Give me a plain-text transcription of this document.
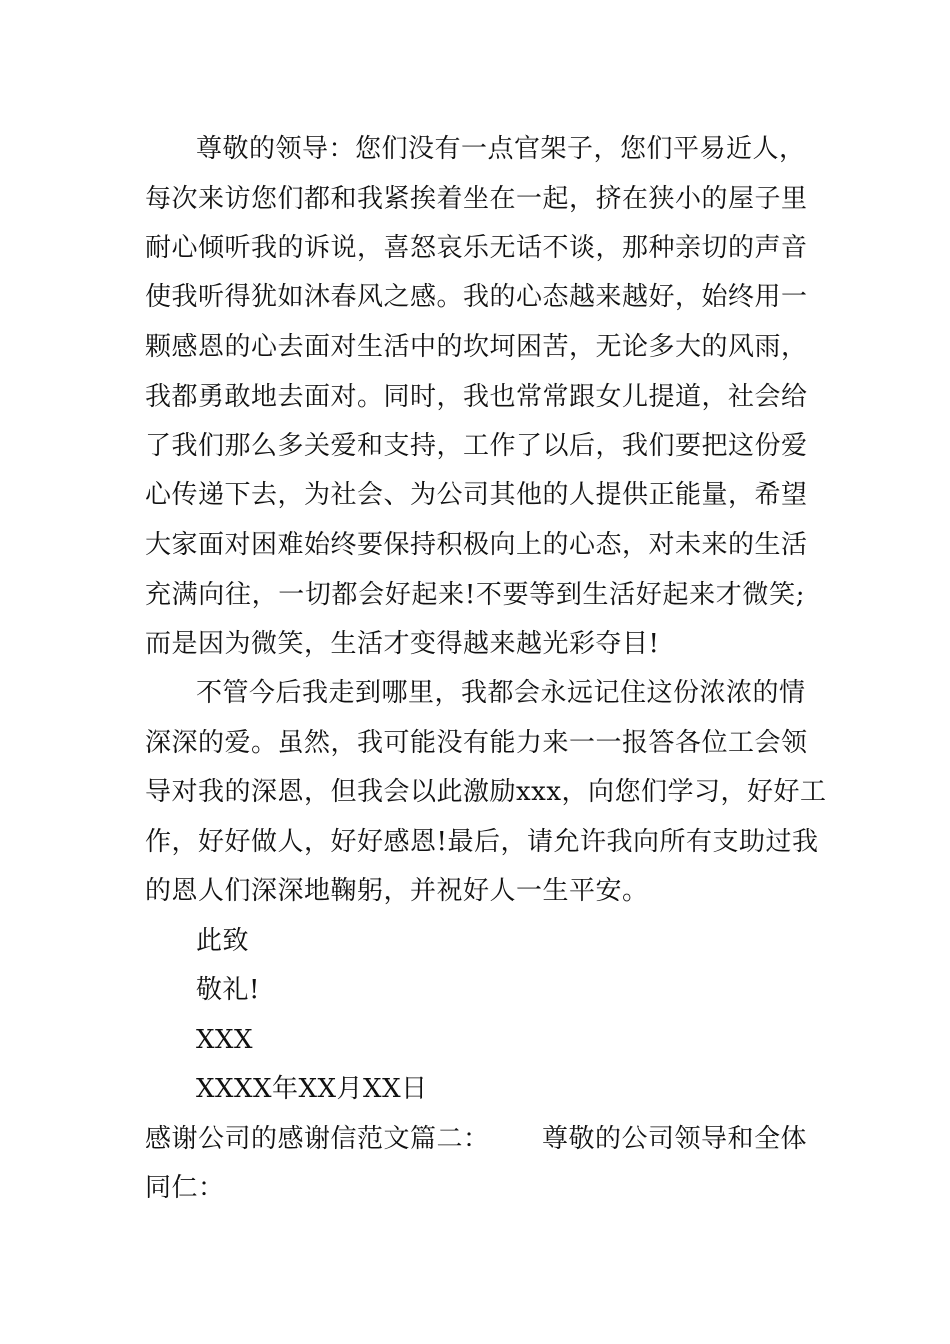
尊敬的领导：您们没有一点官架子，您们平易近人，
每次来访您们都和我紧挨着坐在一起，挤在狭小的屋子里
耐心倾听我的诉说，喜怒哀乐无话不谈，那种亲切的声音
使我听得犹如沐春风之感。我的心态越来越好，始终用一
颗感恩的心去面对生活中的坎坷困苦，无论多大的风雨，
我都勇敢地去面对。同时，我也常常跟女儿提道，社会给
了我们那么多关爱和支持，工作了以后，我们要把这份爱
心传递下去，为社会、为公司其他的人提供正能量，希望
大家面对困难始终要保持积极向上的心态，对未来的生活
充满向往，一切都会好起来!不要等到生活好起来才微笑;
而是因为微笑，生活才变得越来越光彩夺目!
不管今后我走到哪里，我都会永远记住这份浓浓的情
深深的爱。虽然，我可能没有能力来一一报答各位工会领
导对我的深恩，但我会以此激励xxx，向您们学习，好好工
作，好好做人，好好感恩!最后，请允许我向所有支助过我
的恩人们深深地鞠躬，并祝好人一生平安。
此致
敬礼!
XXX
XXXX年XX月XX日
感谢公司的感谢信范文篇二： 尊敬的公司领导和全体
同仁：
